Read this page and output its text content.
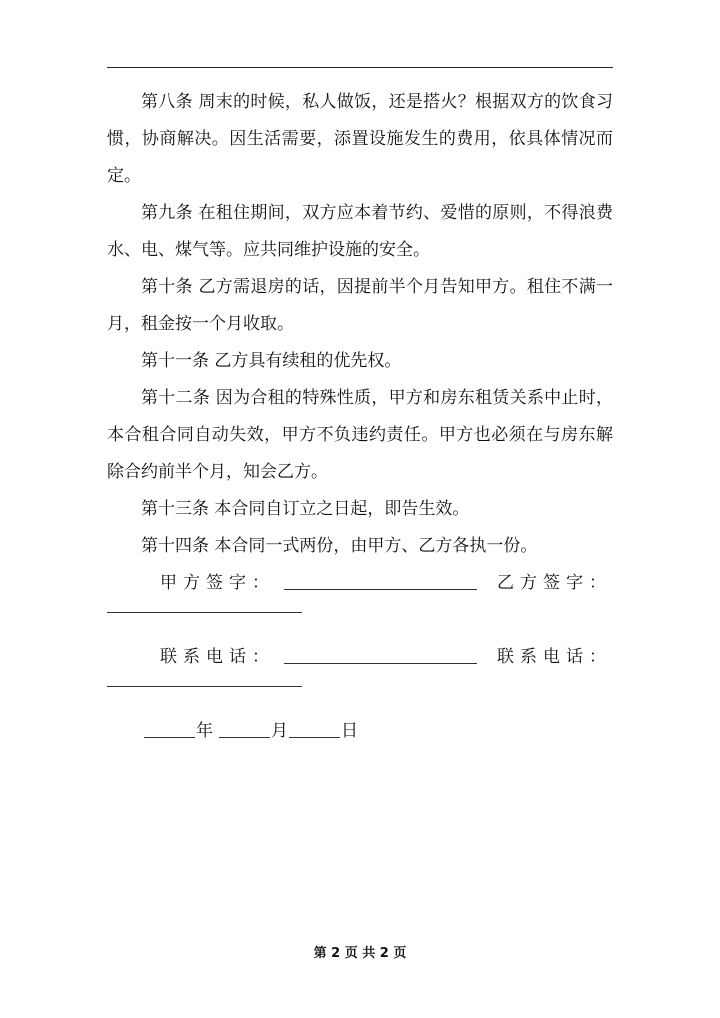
第八条 周末的时候，私人做饭，还是搭火？根据双方的饮食习惯，协商解决。因生活需要，添置设施发生的费用，依具体情况而定。

第九条 在租住期间，双方应本着节约、爱惜的原则，不得浪费水、电、煤气等。应共同维护设施的安全。

第十条 乙方需退房的话，因提前半个月告知甲方。租住不满一月，租金按一个月收取。

第十一条 乙方具有续租的优先权。

第十二条 因为合租的特殊性质，甲方和房东租赁关系中止时，本合租合同自动失效，甲方不负违约责任。甲方也必须在与房东解除合约前半个月，知会乙方。

第十三条 本合同自订立之日起，即告生效。

第十四条 本合同一式两份，由甲方、乙方各执一份。

甲方签字：	乙方签字：
联系电话：	联系电话：
年	月	日
第 2 页 共 2 页
